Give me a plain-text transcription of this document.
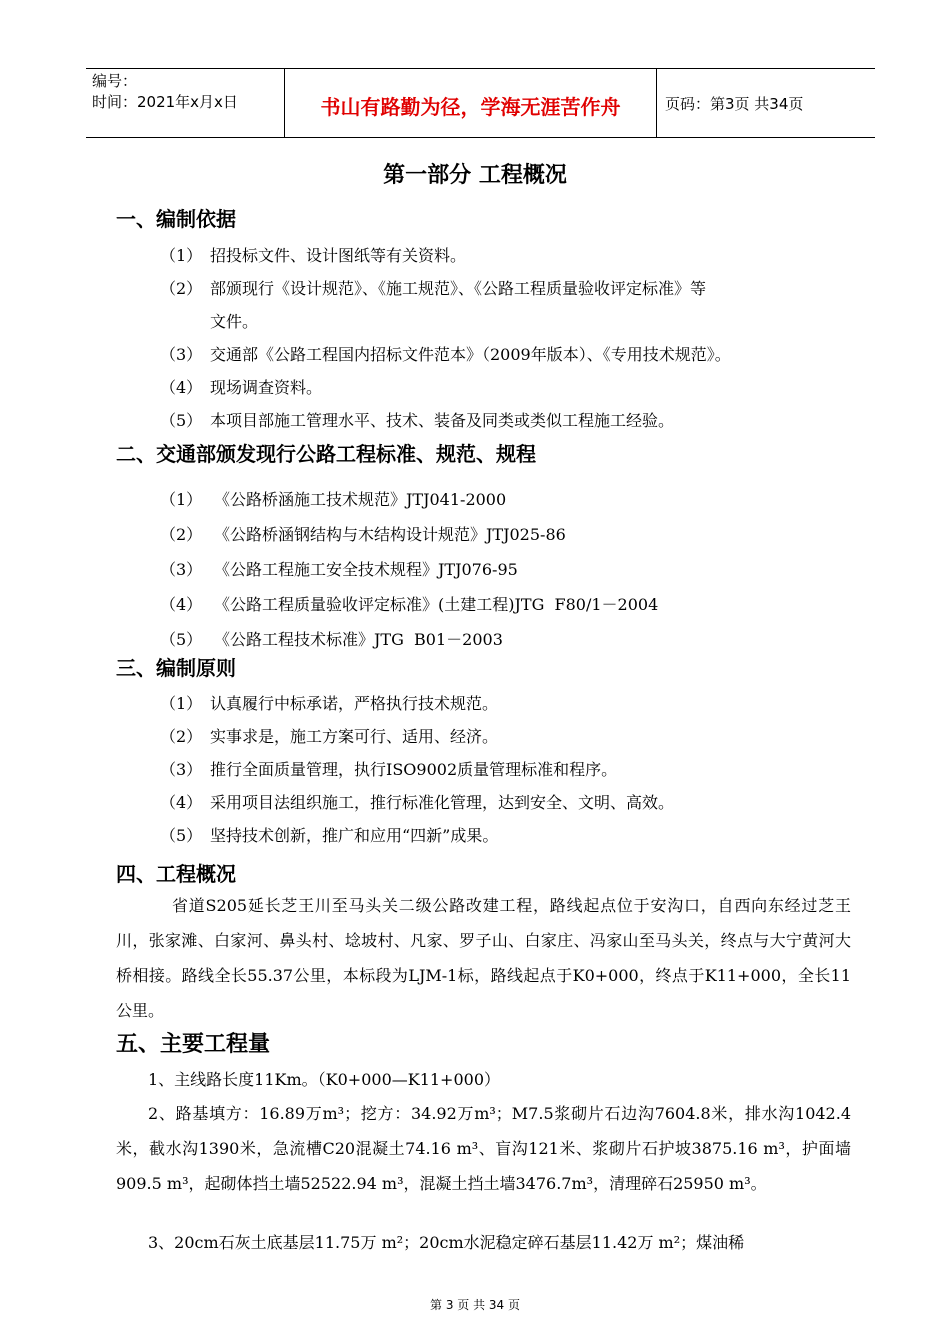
编号：
时间：2021年x月x日	书山有路勤为径，学海无涯苦作舟	页码：第3页 共34页
第一部分 工程概况
一、编制依据
（1） 招投标文件、设计图纸等有关资料。
（2） 部颁现行《设计规范》、《施工规范》、《公路工程质量验收评定标准》等
文件。
（3） 交通部《公路工程国内招标文件范本》（2009年版本）、《专用技术规范》。
（4） 现场调查资料。
（5） 本项目部施工管理水平、技术、装备及同类或类似工程施工经验。
二、交通部颁发现行公路工程标准、规范、规程
（1） 《公路桥涵施工技术规范》JTJ041-2000
（2） 《公路桥涵钢结构与木结构设计规范》JTJ025-86
（3） 《公路工程施工安全技术规程》JTJ076-95
（4） 《公路工程质量验收评定标准》(土建工程)JTG  F80/1－2004
（5） 《公路工程技术标准》JTG  B01－2003
三、编制原则
（1） 认真履行中标承诺，严格执行技术规范。
（2） 实事求是，施工方案可行、适用、经济。
（3） 推行全面质量管理，执行ISO9002质量管理标准和程序。
（4） 采用项目法组织施工，推行标准化管理，达到安全、文明、高效。
（5） 坚持技术创新，推广和应用“四新”成果。
四、工程概况
省道S205延长芝王川至马头关二级公路改建工程，路线起点位于安沟口，自西向东经过芝王川，张家滩、白家河、鼻头村、埝坡村、凡家、罗子山、白家庄、冯家山至马头关，终点与大宁黄河大桥相接。路线全长55.37公里，本标段为LJM-1标，路线起点于K0+000，终点于K11+000，全长11公里。
五、主要工程量
1、主线路长度11Km。（K0+000—K11+000）
2、路基填方：16.89万m³；挖方：34.92万m³；M7.5浆砌片石边沟7604.8米，排水沟1042.4米，截水沟1390米，急流槽C20混凝土74.16 m³、盲沟121米、浆砌片石护坡3875.16 m³，护面墙909.5 m³，起砌体挡土墙52522.94 m³，混凝土挡土墙3476.7m³，清理碎石25950 m³。
3、20cm石灰土底基层11.75万 m²；20cm水泥稳定碎石基层11.42万 m²；煤油稀
第 3 页 共 34 页
